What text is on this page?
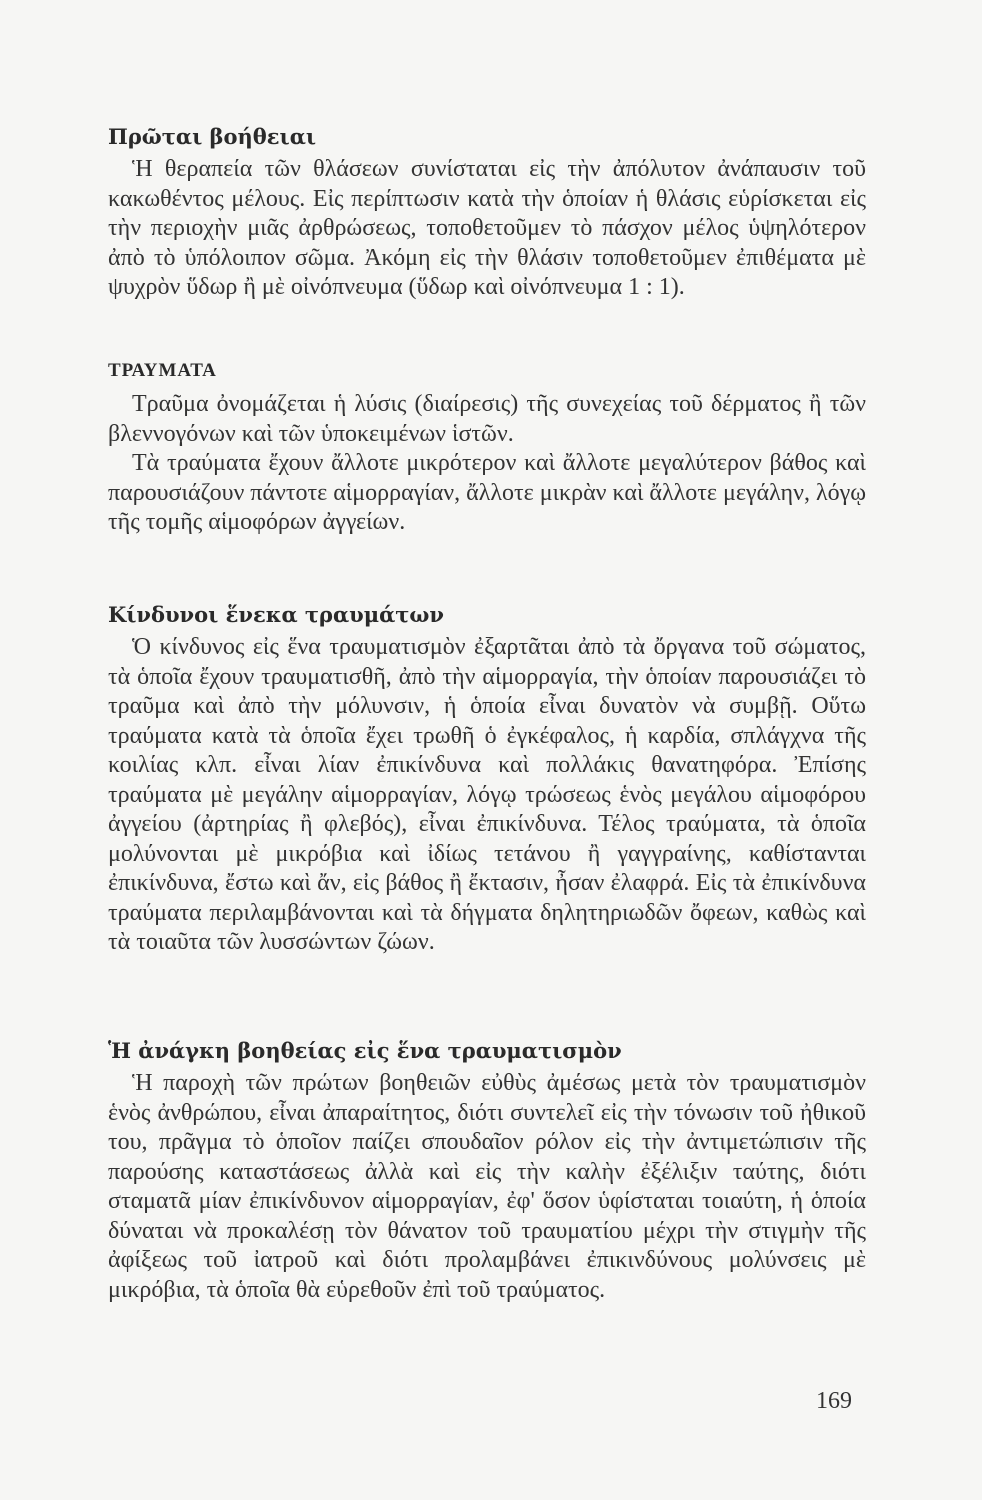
Πρῶται βοήθειαι

Ἡ θεραπεία τῶν θλάσεων συνίσταται εἰς τὴν ἀπόλυτον ἀνάπαυσιν τοῦ κακωθέντος μέλους. Εἰς περίπτωσιν κατὰ τὴν ὁποίαν ἡ θλάσις εὑρίσκεται εἰς τὴν περιοχὴν μιᾶς ἀρθρώσεως, τοποθετοῦμεν τὸ πάσχον μέλος ὑψηλότερον ἀπὸ τὸ ὑπόλοιπον σῶμα. Ἀκόμη εἰς τὴν θλάσιν τοποθετοῦμεν ἐπιθέματα μὲ ψυχρὸν ὕδωρ ἢ μὲ οἰνόπνευμα (ὕδωρ καὶ οἰνόπνευμα 1 : 1).

ΤΡΑΥΜΑΤΑ

Τραῦμα ὀνομάζεται ἡ λύσις (διαίρεσις) τῆς συνεχείας τοῦ δέρματος ἢ τῶν βλεννογόνων καὶ τῶν ὑποκειμένων ἱστῶν.

Τὰ τραύματα ἔχουν ἄλλοτε μικρότερον καὶ ἄλλοτε μεγαλύτερον βάθος καὶ παρουσιάζουν πάντοτε αἱμορραγίαν, ἄλλοτε μικρὰν καὶ ἄλλοτε μεγάλην, λόγῳ τῆς τομῆς αἱμοφόρων ἀγγείων.

Κίνδυνοι ἕνεκα τραυμάτων

Ὁ κίνδυνος εἰς ἕνα τραυματισμὸν ἐξαρτᾶται ἀπὸ τὰ ὄργανα τοῦ σώματος, τὰ ὁποῖα ἔχουν τραυματισθῆ, ἀπὸ τὴν αἱμορραγία, τὴν ὁποίαν παρουσιάζει τὸ τραῦμα καὶ ἀπὸ τὴν μόλυνσιν, ἡ ὁποία εἶναι δυνατὸν νὰ συμβῇ. Οὕτω τραύματα κατὰ τὰ ὁποῖα ἔχει τρωθῆ ὁ ἐγκέφαλος, ἡ καρδία, σπλάγχνα τῆς κοιλίας κλπ. εἶναι λίαν ἐπικίνδυνα καὶ πολλάκις θανατηφόρα. Ἐπίσης τραύματα μὲ μεγάλην αἱμορραγίαν, λόγῳ τρώσεως ἑνὸς μεγάλου αἱμοφόρου ἀγγείου (ἀρτηρίας ἢ φλεβός), εἶναι ἐπικίνδυνα. Τέλος τραύματα, τὰ ὁποῖα μολύνονται μὲ μικρόβια καὶ ἰδίως τετάνου ἢ γαγγραίνης, καθίστανται ἐπικίνδυνα, ἔστω καὶ ἄν, εἰς βάθος ἢ ἔκτασιν, ἦσαν ἐλαφρά. Εἰς τὰ ἐπικίνδυνα τραύματα περιλαμβάνονται καὶ τὰ δήγματα δηλητηριωδῶν ὄφεων, καθὼς καὶ τὰ τοιαῦτα τῶν λυσσώντων ζώων.

Ἡ ἀνάγκη βοηθείας εἰς ἕνα τραυματισμὸν

Ἡ παροχὴ τῶν πρώτων βοηθειῶν εὐθὺς ἀμέσως μετὰ τὸν τραυματισμὸν ἑνὸς ἀνθρώπου, εἶναι ἀπαραίτητος, διότι συντελεῖ εἰς τὴν τόνωσιν τοῦ ἠθικοῦ του, πρᾶγμα τὸ ὁποῖον παίζει σπουδαῖον ρόλον εἰς τὴν ἀντιμετώπισιν τῆς παρούσης καταστάσεως ἀλλὰ καὶ εἰς τὴν καλὴν ἐξέλιξιν ταύτης, διότι σταματᾶ μίαν ἐπικίνδυνον αἱμορραγίαν, ἐφ' ὅσον ὑφίσταται τοιαύτη, ἡ ὁποία δύναται νὰ προκαλέσῃ τὸν θάνατον τοῦ τραυματίου μέχρι τὴν στιγμὴν τῆς ἀφίξεως τοῦ ἰατροῦ καὶ διότι προλαμβάνει ἐπικινδύνους μολύνσεις μὲ μικρόβια, τὰ ὁποῖα θὰ εὑρεθοῦν ἐπὶ τοῦ τραύματος.

169
